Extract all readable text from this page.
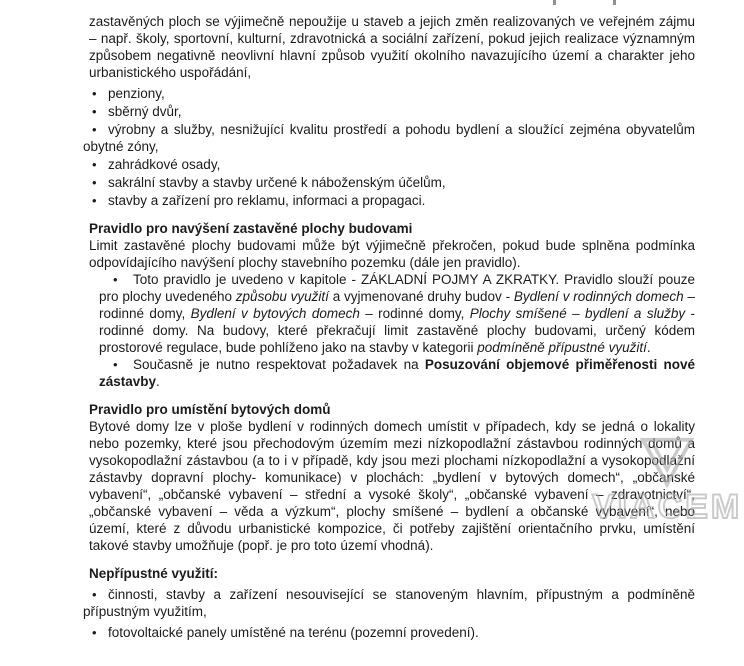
zastavěných ploch se výjimečně nepoužije u staveb a jejich změn realizovaných ve veřejném zájmu – např. školy, sportovní, kulturní, zdravotnická a sociální zařízení, pokud jejich realizace významným způsobem negativně neovlivní hlavní způsob využití okolního navazujícího území a charakter jeho urbanistického uspořádání,

• penziony,

• sběrný dvůr,

• výrobny a služby, nesnižující kvalitu prostředí a pohodu bydlení a sloužící zejména obyvatelům obytné zóny,

• zahrádkové osady,

• sakrální stavby a stavby určené k náboženským účelům,

• stavby a zařízení pro reklamu, informaci a propagaci.

Pravidlo pro navýšení zastavěné plochy budovami

Limit zastavěné plochy budovami může být výjimečně překročen, pokud bude splněna podmínka odpovídajícího navýšení plochy stavebního pozemku (dále jen pravidlo).

• Toto pravidlo je uvedeno v kapitole - ZÁKLADNÍ POJMY A ZKRATKY. Pravidlo slouží pouze pro plochy uvedeného způsobu využití a vyjmenované druhy budov - Bydlení v rodinných domech – rodinné domy, Bydlení v bytových domech – rodinné domy, Plochy smíšené – bydlení a služby - rodinné domy. Na budovy, které překračují limit zastavěné plochy budovami, určený kódem prostorové regulace, bude pohlíženo jako na stavby v kategorii podmíněně přípustné využití.

• Současně je nutno respektovat požadavek na Posuzování objemové přiměřenosti nové zástavby.

Pravidlo pro umístění bytových domů

Bytové domy lze v ploše bydlení v rodinných domech umístit v případech, kdy se jedná o lokality nebo pozemky, které jsou přechodovým územím mezi nízkopodlažní zástavbou rodinných domů a vysokopodlažní zástavbou (a to i v případě, kdy jsou mezi plochami nízkopodlažní a vysokopodlažní zástavby dopravní plochy- komunikace) v plochách: „bydlení v bytových domech“, „občanské vybavení“, „občanské vybavení – střední a vysoké školy“, „občanské vybavení – zdravotnictví“, „občanské vybavení – věda a výzkum“, plochy smíšené – bydlení a občanské vybavení“, nebo území, které z důvodu urbanistické kompozice, či potřeby zajištění orientačního prvku, umístění takové stavby umožňuje (popř. je pro toto území vhodná).

Nepřípustné využití:

• činnosti, stavby a zařízení nesouvisející se stanoveným hlavním, přípustným a podmíněně přípustným využitím,

• fotovoltaické panely umístěné na terénu (pozemní provedení).

VIACEM
